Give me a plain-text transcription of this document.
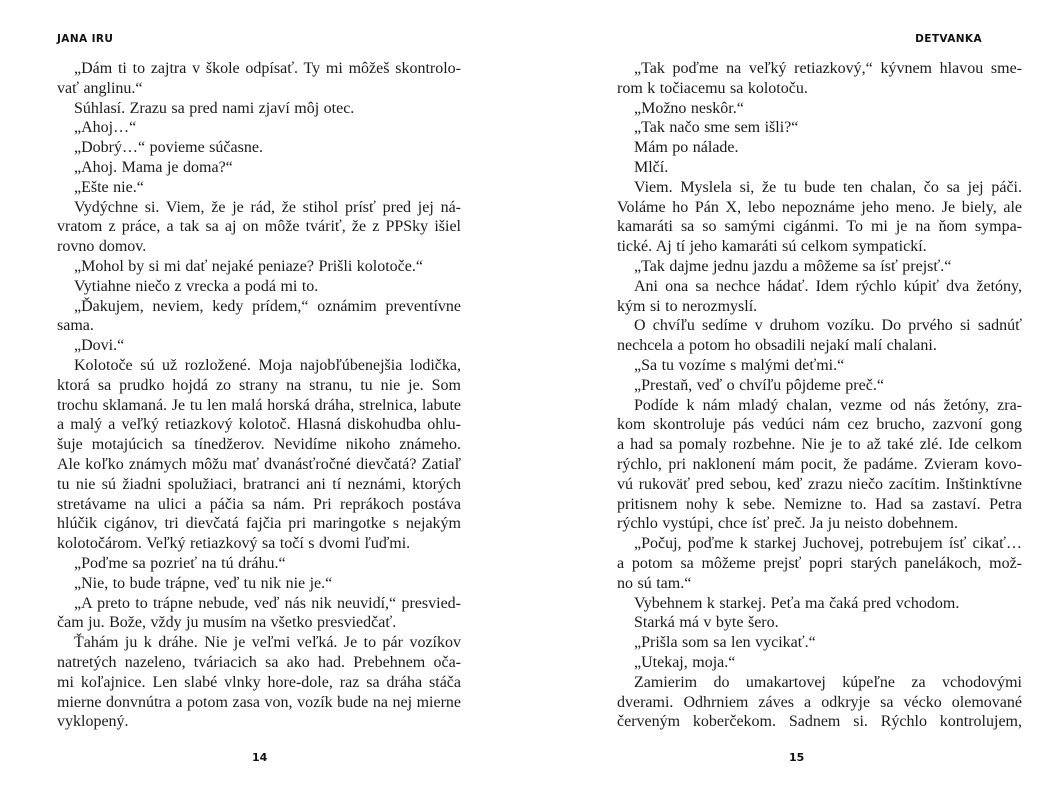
JANA IRU
„Dám ti to zajtra v škole odpísať. Ty mi môžeš skontrolo-
vať anglinu.“
Súhlasí. Zrazu sa pred nami zjaví môj otec.
„Ahoj…“
„Dobrý…“ povieme súčasne.
„Ahoj. Mama je doma?“
„Ešte nie.“
Vydýchne si. Viem, že je rád, že stihol prísť pred jej ná-
vratom z práce, a tak sa aj on môže tváriť, že z PPSky išiel
rovno domov.
„Mohol by si mi dať nejaké peniaze? Prišli kolotoče.“
Vytiahne niečo z vrecka a podá mi to.
„Ďakujem, neviem, kedy prídem,“ oznámim preventívne
sama.
„Dovi.“
Kolotoče sú už rozložené. Moja najobľúbenejšia lodička,
ktorá sa prudko hojdá zo strany na stranu, tu nie je. Som
trochu sklamaná. Je tu len malá horská dráha, strelnica, labute
a malý a veľký retiazkový kolotoč. Hlasná diskohudba ohlu-
šuje motajúcich sa tínedžerov. Nevidíme nikoho známeho.
Ale koľko známych môžu mať dvanásťročné dievčatá? Zatiaľ
tu nie sú žiadni spolužiaci, bratranci ani tí neznámi, ktorých
stretávame na ulici a páčia sa nám. Pri reprákoch postáva
hlúčik cigánov, tri dievčatá fajčia pri maringotke s nejakým
kolotočárom. Veľký retiazkový sa točí s dvomi ľuďmi.
„Poďme sa pozrieť na tú dráhu.“
„Nie, to bude trápne, veď tu nik nie je.“
„A preto to trápne nebude, veď nás nik neuvidí,“ presvied-
čam ju. Bože, vždy ju musím na všetko presviedčať.
Ťahám ju k dráhe. Nie je veľmi veľká. Je to pár vozíkov
natretých nazeleno, tváriacich sa ako had. Prebehnem oča-
mi koľajnice. Len slabé vlnky hore-dole, raz sa dráha stáča
mierne donvnútra a potom zasa von, vozík bude na nej mierne
vyklopený.
14
DETVANKA
„Tak poďme na veľký retiazkový,“ kývnem hlavou sme-
rom k točiacemu sa kolotoču.
„Možno neskôr.“
„Tak načo sme sem išli?“
Mám po nálade.
Mlčí.
Viem. Myslela si, že tu bude ten chalan, čo sa jej páči.
Voláme ho Pán X, lebo nepoznáme jeho meno. Je biely, ale
kamaráti sa so samými cigánmi. To mi je na ňom sympa-
tické. Aj tí jeho kamaráti sú celkom sympatickí.
„Tak dajme jednu jazdu a môžeme sa ísť prejsť.“
Ani ona sa nechce hádať. Idem rýchlo kúpiť dva žetóny,
kým si to nerozmyslí.
O chvíľu sedíme v druhom vozíku. Do prvého si sadnúť
nechcela a potom ho obsadili nejakí malí chalani.
„Sa tu vozíme s malými deťmi.“
„Prestaň, veď o chvíľu pôjdeme preč.“
Podíde k nám mladý chalan, vezme od nás žetóny, zra-
kom skontroluje pás vedúci nám cez brucho, zazvoní gong
a had sa pomaly rozbehne. Nie je to až také zlé. Ide celkom
rýchlo, pri naklonení mám pocit, že padáme. Zvieram kovo-
vú rukoväť pred sebou, keď zrazu niečo zacítim. Inštinktívne
pritisnem nohy k sebe. Nemizne to. Had sa zastaví. Petra
rýchlo vystúpi, chce ísť preč. Ja ju neisto dobehnem.
„Počuj, poďme k starkej Juchovej, potrebujem ísť cikať…
a potom sa môžeme prejsť popri starých panelákoch, mož-
no sú tam.“
Vybehnem k starkej. Peťa ma čaká pred vchodom.
Starká má v byte šero.
„Prišla som sa len vycikať.“
„Utekaj, moja.“
Zamierim do umakartovej kúpeľne za vchodovými
dverami. Odhrniem záves a odkryje sa vécko olemované
červeným koberčekom. Sadnem si. Rýchlo kontrolujem,
15
